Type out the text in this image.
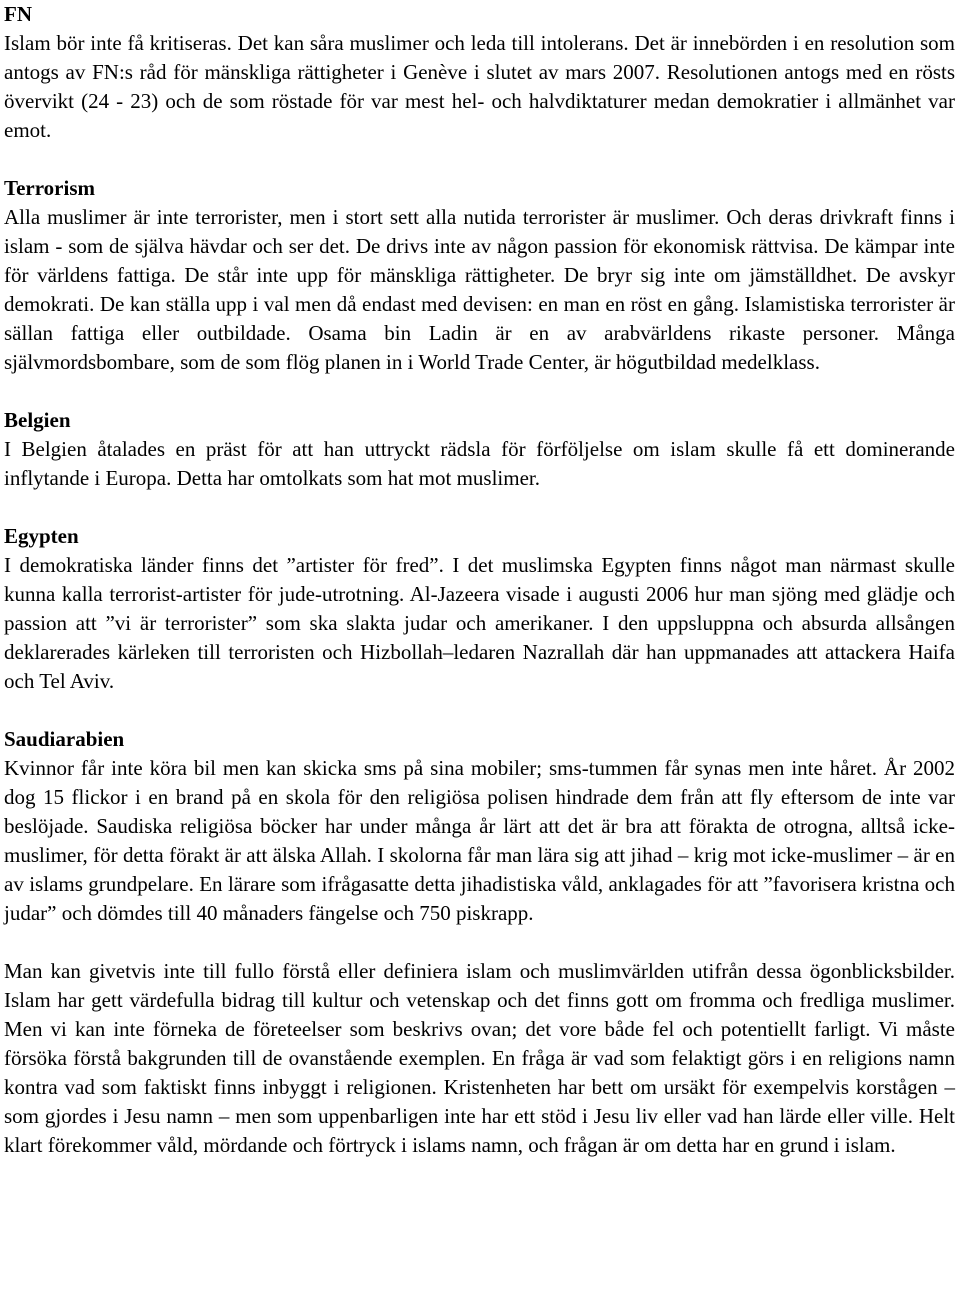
FN

Islam bör inte få kritiseras. Det kan såra muslimer och leda till intolerans. Det är innebörden i en resolution som antogs av FN:s råd för mänskliga rättigheter i Genève i slutet av mars 2007. Resolutionen antogs med en rösts övervikt (24 - 23) och de som röstade för var mest hel- och halvdiktaturer medan demokratier i allmänhet var emot.

Terrorism

Alla muslimer är inte terrorister, men i stort sett alla nutida terrorister är muslimer. Och deras drivkraft finns i islam - som de själva hävdar och ser det. De drivs inte av någon passion för ekonomisk rättvisa. De kämpar inte för världens fattiga. De står inte upp för mänskliga rättigheter. De bryr sig inte om jämställdhet. De avskyr demokrati. De kan ställa upp i val men då endast med devisen: en man en röst en gång. Islamistiska terrorister är sällan fattiga eller outbildade. Osama bin Ladin är en av arabvärldens rikaste personer. Många självmordsbombare, som de som flög planen in i World Trade Center, är högutbildad medelklass.

Belgien

I Belgien åtalades en präst för att han uttryckt rädsla för förföljelse om islam skulle få ett dominerande inflytande i Europa. Detta har omtolkats som hat mot muslimer.

Egypten

I demokratiska länder finns det ”artister för fred”. I det muslimska Egypten finns något man närmast skulle kunna kalla terrorist-artister för jude-utrotning. Al-Jazeera visade i augusti 2006 hur man sjöng med glädje och passion att ”vi är terrorister” som ska slakta judar och amerikaner. I den uppsluppna och absurda allsången deklarerades kärleken till terroristen och Hizbollah–ledaren Nazrallah där han uppmanades att attackera Haifa och Tel Aviv.

Saudiarabien

Kvinnor får inte köra bil men kan skicka sms på sina mobiler; sms-tummen får synas men inte håret. År 2002 dog 15 flickor i en brand på en skola för den religiösa polisen hindrade dem från att fly eftersom de inte var beslöjade. Saudiska religiösa böcker har under många år lärt att det är bra att förakta de otrogna, alltså icke-muslimer, för detta förakt är att älska Allah. I skolorna får man lära sig att jihad – krig mot icke-muslimer – är en av islams grundpelare. En lärare som ifrågasatte detta jihadistiska våld, anklagades för att ”favorisera kristna och judar” och dömdes till 40 månaders fängelse och 750 piskrapp.

Man kan givetvis inte till fullo förstå eller definiera islam och muslimvärlden utifrån dessa ögonblicksbilder. Islam har gett värdefulla bidrag till kultur och vetenskap och det finns gott om fromma och fredliga muslimer. Men vi kan inte förneka de företeelser som beskrivs ovan; det vore både fel och potentiellt farligt. Vi måste försöka förstå bakgrunden till de ovanstående exemplen. En fråga är vad som felaktigt görs i en religions namn kontra vad som faktiskt finns inbyggt i religionen. Kristenheten har bett om ursäkt för exempelvis korstågen – som gjordes i Jesu namn – men som uppenbarligen inte har ett stöd i Jesu liv eller vad han lärde eller ville. Helt klart förekommer våld, mördande och förtryck i islams namn, och frågan är om detta har en grund i islam.
